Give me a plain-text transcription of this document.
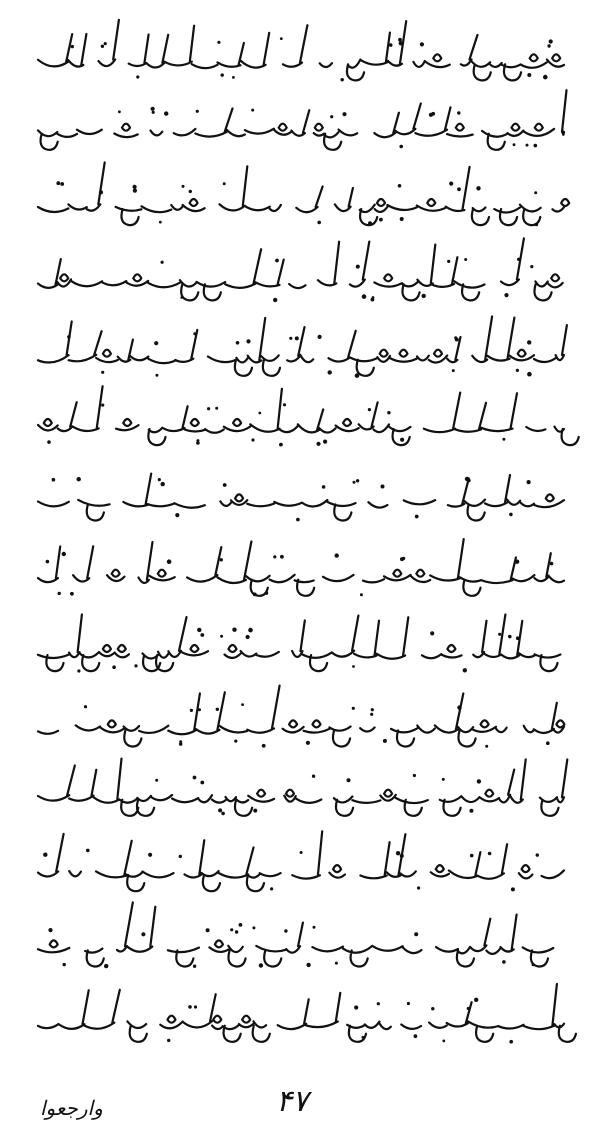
۴۷
وارجعوا
